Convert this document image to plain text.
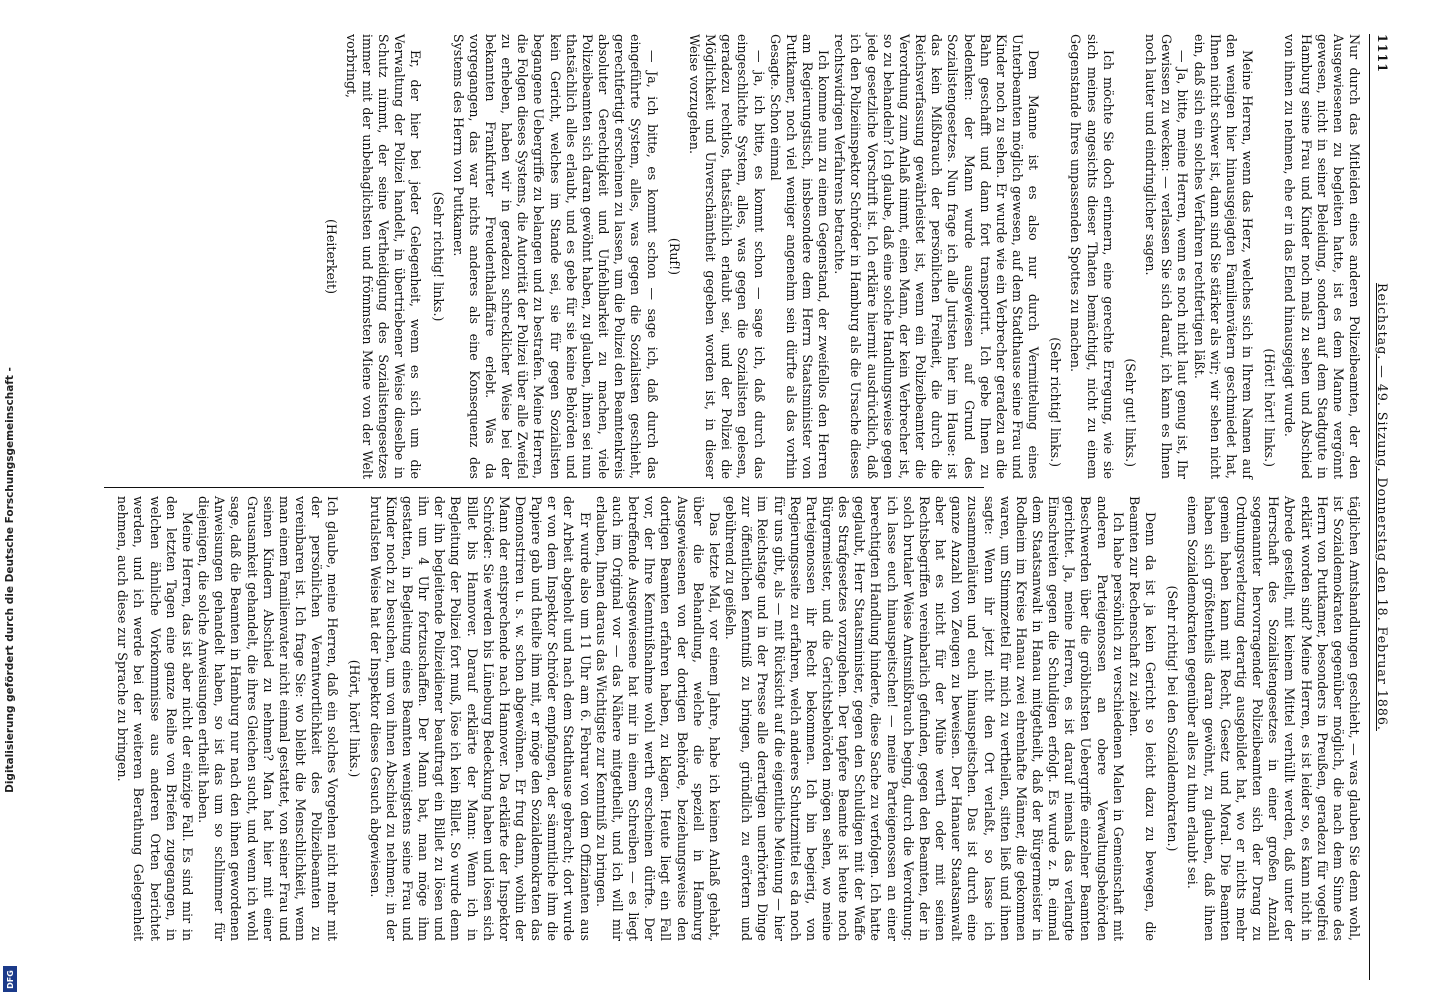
Digitalisierung gefördert durch die Deutsche Forschungsgemeinschaft -
DFG
1111
Reichstag. — 49. Sitzung. Donnerstag den 18. Februar 1886.

Nur durch das Mitleiden eines anderen Polizeibeamten, der den Ausgewiesenen zu begleiten hatte, ist es dem Manne vergönnt gewesen, nicht in seiner Beleidung, sondern auf dem Stadtgute in Hamburg seine Frau und Kinder noch mals zu sehen und Abschied von ihnen zu nehmen, ehe er in das Elend hinausgejagt wurde.

(Hört! hört! links.)

Meine Herren, wenn das Herz, welches sich in Ihrem Namen auf den wenigen hier hinausgejagten Familienvätern geschmiedet hat, Ihnen nicht schwer ist, dann sind Sie stärker als wir; wir sehen nicht ein, daß sich ein solches Verfahren rechtfertigen läßt.

— Ja, bitte, meine Herren, wenn es noch nicht laut genug ist, Ihr Gewissen zu wecken: — verlassen Sie sich darauf, ich kann es Ihnen noch lauter und eindringlicher sagen.

(Sehr gut! links.)

Ich möchte Sie doch erinnern, eine gerechte Erregung, wie sie sich meines angesichts dieser Thaten bemächtigt, nicht zu einem Gegenstande Ihres unpassenden Spottes zu machen.

(Sehr richtig! links.)

Dem Manne ist es also nur durch Vermittelung eines Unterbeamten möglich gewesen, auf dem Stadthause seine Frau und Kinder noch zu sehen. Er wurde wie ein Verbrecher geradezu an die Bahn geschafft und dann fort transportirt. Ich gebe Ihnen zu bedenken: der Mann wurde ausgewiesen auf Grund des Sozialistengesetzes. Nun frage ich alle Juristen hier im Hause: ist das kein Mißbrauch der persönlichen Freiheit, die durch die Reichsverfassung gewährleistet ist, wenn ein Polizeibeamter die Verordnung zum Anlaß nimmt, einen Mann, der kein Verbrecher ist, so zu behandeln? Ich glaube, daß eine solche Handlungsweise gegen jede gesetzliche Vorschrift ist. Ich erkläre hiermit ausdrücklich, daß ich den Polizeiinspektor Schröder in Hamburg als die Ursache dieses rechtswidrigen Verfahrens betrachte.

Ich komme nun zu einem Gegenstand, der zweifellos den Herren am Regierungstisch, insbesondere dem Herrn Staatsminister von Puttkamer, noch viel weniger angenehm sein dürfte als das vorhin Gesagte. Schon einmal

— ja, ich bitte, es kommt schon — sage ich, daß durch das eingeschlichte System, alles, was gegen die Sozialisten gelesen, geradezu rechtlos, thatsächlich erlaubt sei, und der Polizei die Möglichkeit und Unverschämtheit gegeben worden ist, in dieser Weise vorzugehen.

(Ruf!)

— Ja, ich bitte, es kommt schon — sage ich, daß durch das eingeführte System, alles, was gegen die Sozialisten geschieht, gerechtfertigt erscheinen zu lassen, um die Polizei den Beamtenkreis absoluter Gerechtigkeit und Unfehlbarkeit zu machen, viele Polizeibeamten sich daran gewöhnt haben, zu glauben, ihnen sei nun thatsächlich alles erlaubt, und es gebe für sie keine Behörden und kein Gericht, welches im Stande sei, sie für gegen Sozialisten begangene Uebergriffe zu belangen und zu bestrafen. Meine Herren, die Folgen dieses Systems, die Autorität der Polizei über alle Zweifel zu erheben, haben wir in geradezu schrecklicher Weise bei der bekannten Frankfurter Freudenthalaffaire erlebt. Was da vorgegangen, das war nichts anderes als eine Konsequenz des Systems des Herrn von Puttkamer.

(Sehr richtig! links.)

Er, der hier bei jeder Gelegenheit, wenn es sich um die Verwaltung der Polizei handelt, in übertriebener Weise dieselbe in Schutz nimmt, der seine Vertheidigung des Sozialistengesetzes immer mit der unbehaglichsten und frömmsten Miene von der Welt vorbringt,

(Heiterkeit)

täglichen Amtshandlungen geschieht, — was glauben Sie denn wohl, ist Sozialdemokraten gegenüber möglich, die nach dem Sinne des Herrn von Puttkamer, besonders in Preußen, geradezu für vogelfrei erklärt worden sind? Meine Herren, es ist leider so, es kann nicht in Abrede gestellt, mit keinem Mittel verhüllt werden, daß unter der Herrschaft des Sozialistengesetzes in einer großen Anzahl sogenannter hervorragender Polizeibeamten sich der Drang zu Ordnungsverletzung derartig ausgebildet hat, wo er nichts mehr gemein haben kann mit Recht, Gesetz und Moral. Die Beamten haben sich größtentheils daran gewöhnt, zu glauben, daß ihnen einem Sozialdemokraten gegenüber alles zu thun erlaubt sei.

(Sehr richtig! bei den Sozialdemokraten.)

Denn da ist ja kein Gericht so leicht dazu zu bewegen, die Beamten zur Rechenschaft zu ziehen.

Ich habe persönlich zu verschiedenen Malen in Gemeinschaft mit anderen Parteigenossen an obere Verwaltungsbehörden Beschwerden über die gröblichsten Uebergriffe einzelner Beamten gerichtet. Ja, meine Herren, es ist darauf niemals das verlangte Einschreiten gegen die Schuldigen erfolgt. Es wurde z. B. einmal dem Staatsanwalt in Hanau mitgetheilt, daß der Bürgermeister in Rodheim im Kreise Hanau zwei ehrenhafte Männer, die gekommen waren, um Stimmzettel für mich zu vertheilen, sitten ließ und ihnen sagte: Wenn ihr jetzt nicht den Ort verlaßt, so lasse ich zusammenläuten und euch hinauspeitschen. Das ist durch eine ganze Anzahl von Zeugen zu beweisen. Der Hanauer Staatsanwalt aber hat es nicht für der Mühe werth oder mit seinen Rechtsbegriffen vereinbarlich gefunden, gegen den Beamten, der in solch brutaler Weise Amtsmißbrauch beging, durch die Verordnung: ich lasse euch hinauspeitschen! — meine Parteigenossen an einer berechtigten Handlung hinderte, diese Sache zu verfolgen. Ich hatte geglaubt, Herr Staatsminister, gegen den Schuldigen mit der Waffe des Strafgesetzes vorzugehen. Der tapfere Beamte ist heute noch Bürgermeister, und die Gerichtsbehörden mögen sehen, wo meine Parteigenossen ihr Recht bekommen. Ich bin begierig, von Regierungsseite zu erfahren, welch anderes Schutzmittel es da noch für uns gibt, als — mit Rücksicht auf die eigentliche Meinung — hier im Reichstage und in der Presse alle derartigen unerhörten Dinge zur öffentlichen Kenntniß zu bringen, gründlich zu erörtern und gebührend zu geißeln.

Das letzte Mal, vor einem Jahre, habe ich keinen Anlaß gehabt, über die Behandlung, welche die speziell in Hamburg Ausgewiesenen von der dortigen Behörde, beziehungsweise den dortigen Beamten erfahren haben, zu klagen. Heute liegt ein Fall vor, der Ihre Kenntnißnahme wohl werth erscheinen dürfte. Der betreffende Ausgewiesene hat mir in einem Schreiben — es liegt auch im Original vor — das Nähere mitgetheilt, und ich will mir erlauben, Ihnen daraus das Wichtigste zur Kenntniß zu bringen.

Er wurde also um 11 Uhr am 6. Februar von dem Offizianten aus der Arbeit abgeholt und nach dem Stadthause gebracht; dort wurde er von dem Inspektor Schröder empfangen, der sämmtliche ihm die Papiere gab und theilte ihm mit, er möge den Sozialdemokraten das Demonstriren u. s. w. schon abgewöhnen. Er frug dann, wohin der Mann der entsprechende nach Hannover. Da erklärte der Inspektor Schröder: Sie werden bis Lüneburg Bedeckung haben und lösen sich Billet bis Hannover. Darauf erklärte der Mann: Wenn ich in Begleitung der Polizei fort muß, löse ich kein Billet. So wurde denn der ihn begleitende Polizeidiener beauftragt ein Billet zu lösen und ihn um 4 Uhr fortzuschaffen. Der Mann bat, man möge ihm gestatten, in Begleitung eines Beamten wenigstens seine Frau und Kinder noch zu besuchen, um von ihnen Abschied zu nehmen; in der brutalsten Weise hat der Inspektor dieses Gesuch abgewiesen.

(Hört, hört! links.)

Ich glaube, meine Herren, daß ein solches Vorgehen nicht mehr mit der persönlichen Verantwortlichkeit des Polizeibeamten zu vereinbaren ist. Ich frage Sie: wo bleibt die Menschlichkeit, wenn man einem Familienvater nicht einmal gestattet, von seiner Frau und seinen Kindern Abschied zu nehmen? Man hat hier mit einer Grausamkeit gehandelt, die ihres Gleichen sucht, und wenn ich wohl sage, daß die Beamten in Hamburg nur nach den ihnen gewordenen Anweisungen gehandelt haben, so ist das um so schlimmer für diejenigen, die solche Anweisungen ertheilt haben.

Meine Herren, das ist aber nicht der einzige Fall. Es sind mir in den letzten Tagen eine ganze Reihe von Briefen zugegangen, in welchen ähnliche Vorkommnisse aus anderen Orten berichtet werden, und ich werde bei der weiteren Berathung Gelegenheit nehmen, auch diese zur Sprache zu bringen.
